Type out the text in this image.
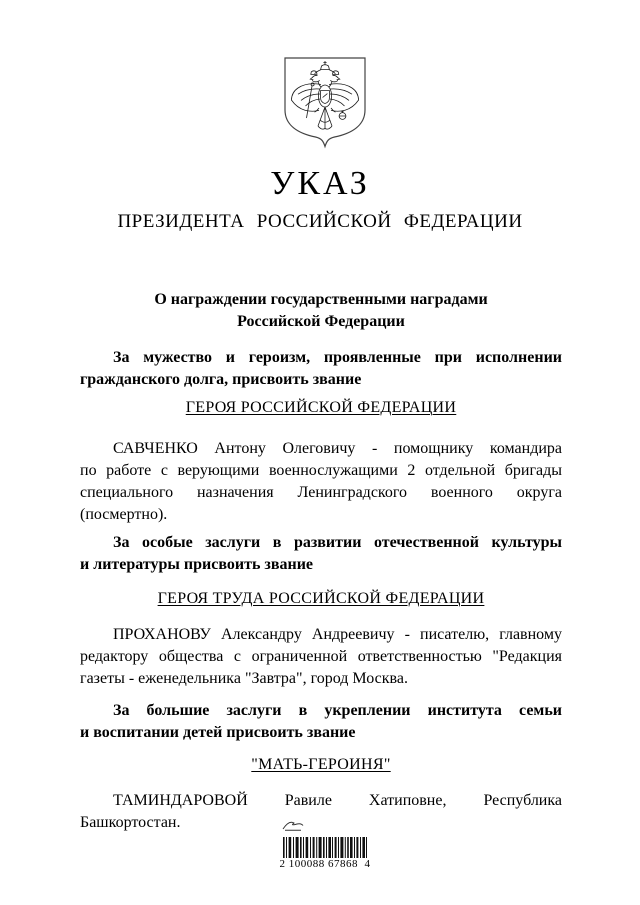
УКАЗ
ПРЕЗИДЕНТА РОССИЙСКОЙ ФЕДЕРАЦИИ
О награждении государственными наградами
Российской Федерации
За мужество и героизм, проявленные при исполнении
гражданского долга, присвоить звание
ГЕРОЯ РОССИЙСКОЙ ФЕДЕРАЦИИ
САВЧЕНКО Антону Олеговичу - помощнику командира
по работе с верующими военнослужащими 2 отдельной бригады
специального назначения Ленинградского военного округа
(посмертно).
За особые заслуги в развитии отечественной культуры
и литературы присвоить звание
ГЕРОЯ ТРУДА РОССИЙСКОЙ ФЕДЕРАЦИИ
ПРОХАНОВУ Александру Андреевичу - писателю, главному
редактору общества с ограниченной ответственностью "Редакция
газеты - еженедельника "Завтра", город Москва.
За большие заслуги в укреплении института семьи
и воспитании детей присвоить звание
"МАТЬ-ГЕРОИНЯ"
ТАМИНДАРОВОЙ Равиле Хатиповне, Республика Башкортостан.
2 100088 67868  4
